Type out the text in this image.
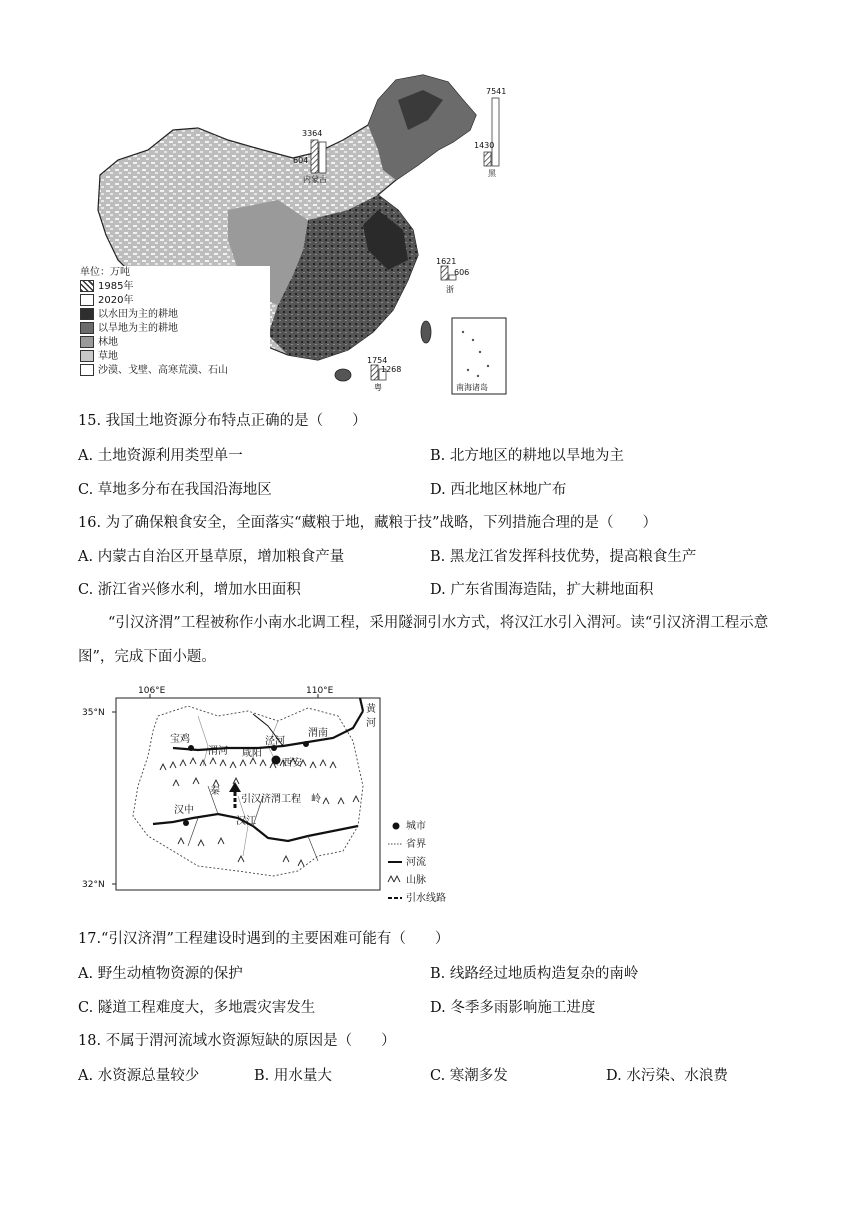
南海诸岛
604
3364
内蒙古
1430
7541
黑
1621
606
浙
1754
1268
粤
单位：万吨
1985年
2020年
以水田为主的耕地
以旱地为主的耕地
林地
草地
沙漠、戈壁、高寒荒漠、石山
15. 我国土地资源分布特点正确的是（　　）
A. 土地资源利用类型单一	B. 北方地区的耕地以旱地为主
C. 草地多分布在我国沿海地区	D. 西北地区林地广布
16. 为了确保粮食安全，全面落实“藏粮于地，藏粮于技”战略，下列措施合理的是（　　）
A. 内蒙古自治区开垦草原，增加粮食产量	B. 黑龙江省发挥科技优势，提高粮食生产
C. 浙江省兴修水利，增加水田面积	D. 广东省围海造陆，扩大耕地面积
“引汉济渭”工程被称作小南水北调工程，采用隧洞引水方式，将汉江水引入渭河。读“引汉济渭工程示意图”，完成下面小题。
106°E	110°E
35°N
32°N
宝鸡
渭河 咸阳
泾河
渭南
西安
黄
河
秦
引汉济渭工程 岭
汉中
汉江	城市
省界
河流
山脉
引水线路
17.“引汉济渭”工程建设时遇到的主要困难可能有（　　）
A. 野生动植物资源的保护	B. 线路经过地质构造复杂的南岭
C. 隧道工程难度大，多地震灾害发生	D. 冬季多雨影响施工进度
18. 不属于渭河流域水资源短缺的原因是（　　）
A. 水资源总量较少	B. 用水量大	C. 寒潮多发	D. 水污染、水浪费
